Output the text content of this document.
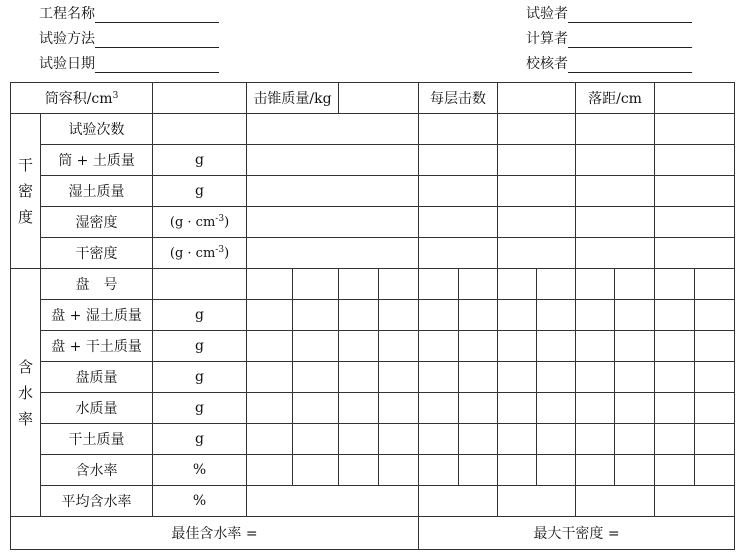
工程名称
试验方法
试验日期
试验者
计算者
校核者
筒容积$/cm^3$			击锥质量/kg				每层击数				落距/cm			

干
密
度	试验次数													
	筒 + 土质量	g												
	湿土质量	g												
	湿密度	$(g \cdot cm^{-3})$												
	干密度	$(g \cdot cm^{-3})$												

含
水
率	盘　号													
	盘 + 湿土质量	g												
	盘 + 干土质量	g												
	盘质量	g												
	水质量	g												
	干土质量	g												
	含水率	%												
	平均含水率	%												
最佳含水率 =							最大干密度 =							
